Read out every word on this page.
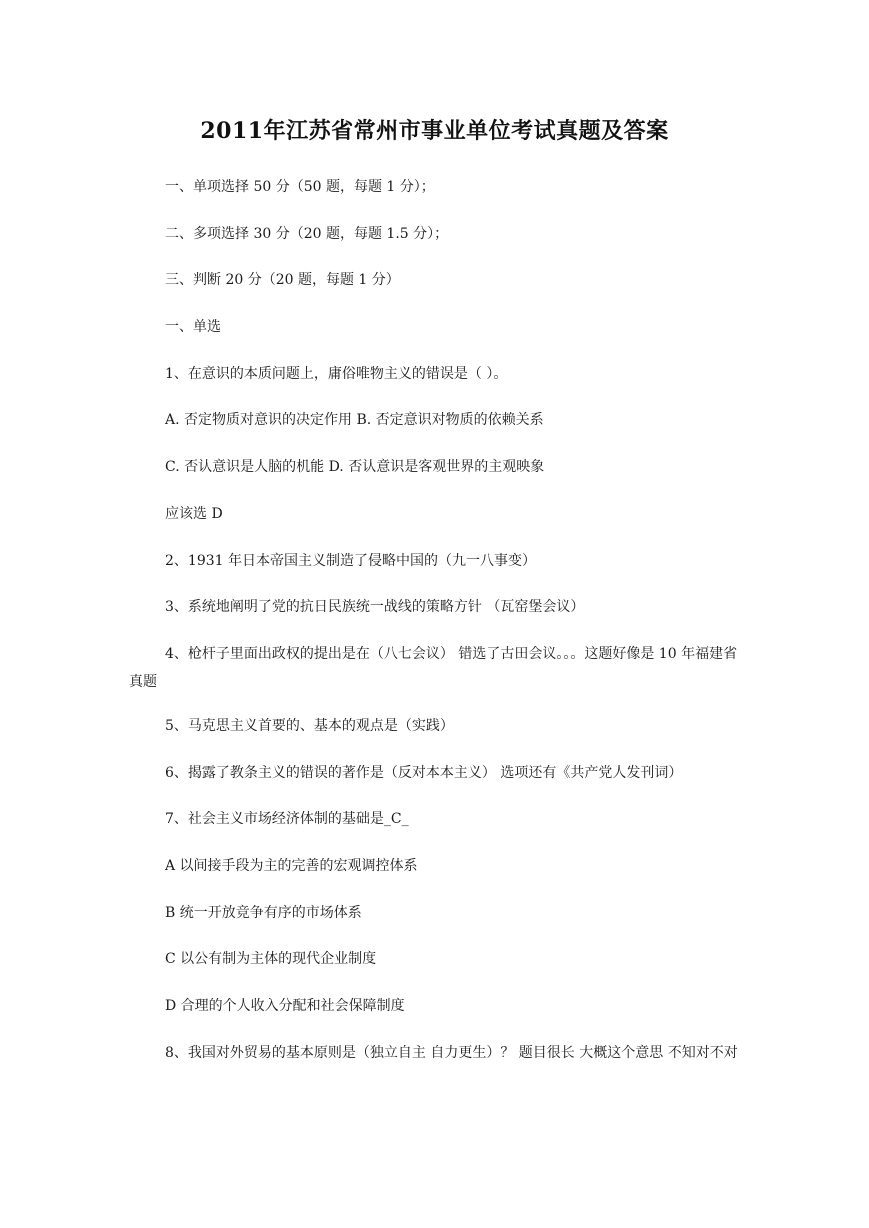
2011年江苏省常州市事业单位考试真题及答案
一、单项选择 50 分（50 题，每题 1 分）；
二、多项选择 30 分（20 题，每题 1.5 分）；
三、判断 20 分（20 题，每题 1 分）
一、单选
1、在意识的本质问题上，庸俗唯物主义的错误是（ ）。
A. 否定物质对意识的决定作用 B. 否定意识对物质的依赖关系
C. 否认意识是人脑的机能 D. 否认意识是客观世界的主观映象
应该选 D
2、1931 年日本帝国主义制造了侵略中国的（九一八事变）
3、系统地阐明了党的抗日民族统一战线的策略方针 （瓦窑堡会议）
4、枪杆子里面出政权的提出是在（八七会议） 错选了古田会议。。。这题好像是 10 年福建省真题
5、马克思主义首要的、基本的观点是（实践）
6、揭露了教条主义的错误的著作是（反对本本主义） 选项还有《共产党人发刊词）
7、社会主义市场经济体制的基础是_C_
A 以间接手段为主的完善的宏观调控体系
B 统一开放竞争有序的市场体系
C 以公有制为主体的现代企业制度
D 合理的个人收入分配和社会保障制度
8、我国对外贸易的基本原则是（独立自主 自力更生）？ 题目很长 大概这个意思 不知对不对
